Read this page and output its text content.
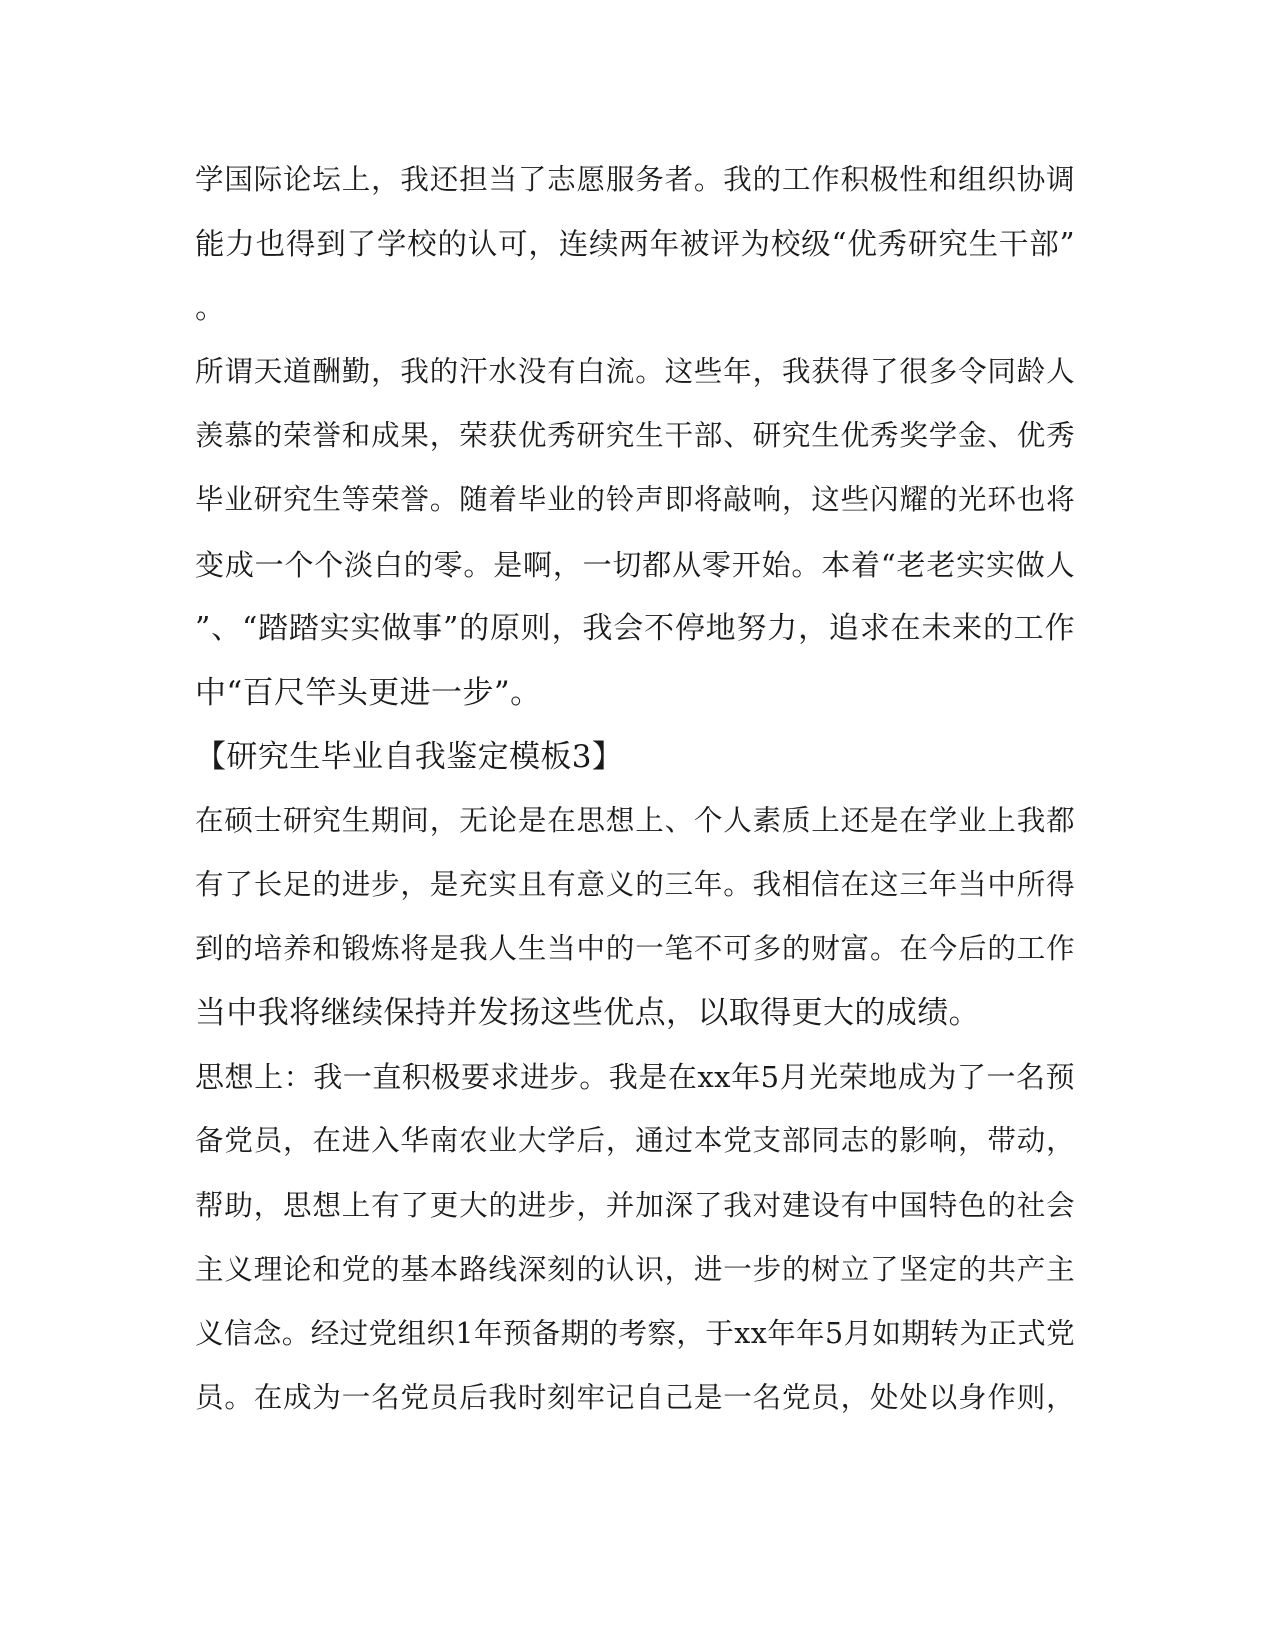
学国际论坛上，我还担当了志愿服务者。我的工作积极性和组织协调
能力也得到了学校的认可，连续两年被评为校级“优秀研究生干部”
。
所谓天道酬勤，我的汗水没有白流。这些年，我获得了很多令同龄人
羡慕的荣誉和成果，荣获优秀研究生干部、研究生优秀奖学金、优秀
毕业研究生等荣誉。随着毕业的铃声即将敲响，这些闪耀的光环也将
变成一个个淡白的零。是啊，一切都从零开始。本着“老老实实做人
”、“踏踏实实做事”的原则，我会不停地努力，追求在未来的工作
中“百尺竿头更进一步”。
【研究生毕业自我鉴定模板3】
在硕士研究生期间，无论是在思想上、个人素质上还是在学业上我都
有了长足的进步，是充实且有意义的三年。我相信在这三年当中所得
到的培养和锻炼将是我人生当中的一笔不可多的财富。在今后的工作
当中我将继续保持并发扬这些优点，以取得更大的成绩。
思想上：我一直积极要求进步。我是在xx年5月光荣地成为了一名预
备党员，在进入华南农业大学后，通过本党支部同志的影响，带动，
帮助，思想上有了更大的进步，并加深了我对建设有中国特色的社会
主义理论和党的基本路线深刻的认识，进一步的树立了坚定的共产主
义信念。经过党组织1年预备期的考察，于xx年年5月如期转为正式党
员。在成为一名党员后我时刻牢记自己是一名党员，处处以身作则，
